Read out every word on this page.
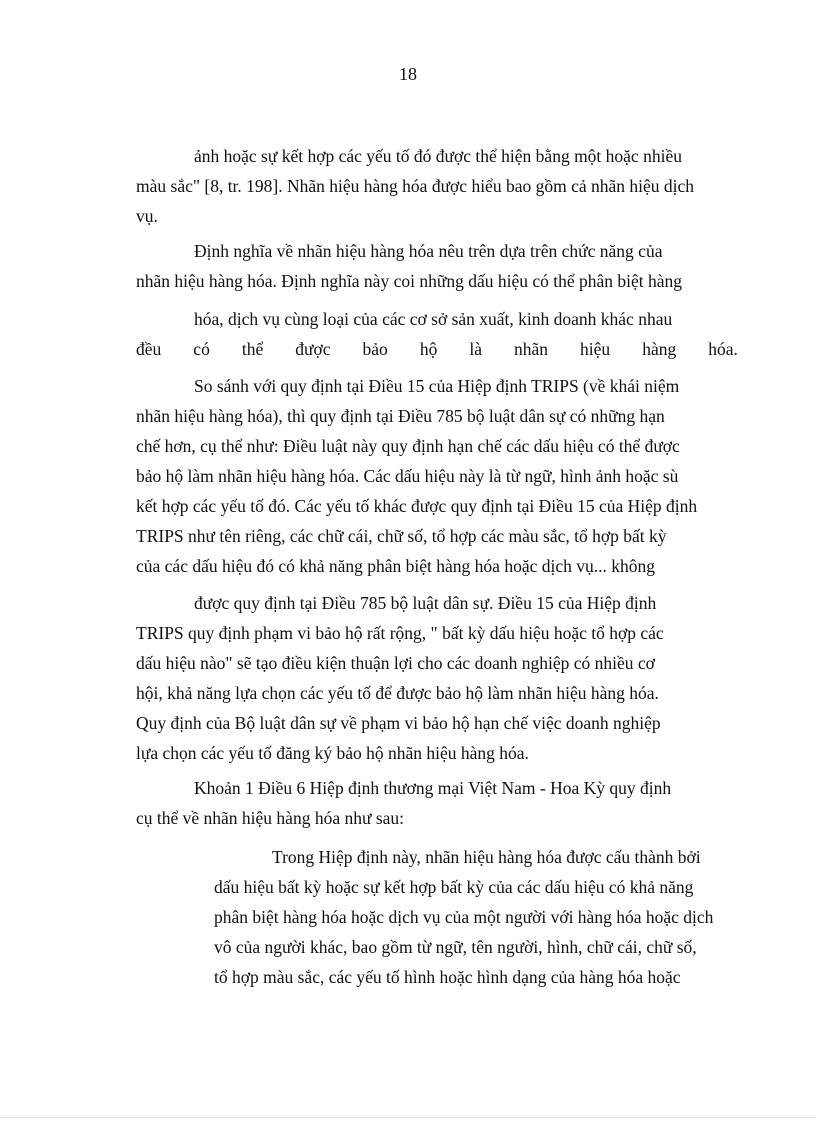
18
ảnh hoặc sự kết hợp các yếu tố đó được thể hiện bằng một hoặc nhiều
màu sắc" [8, tr. 198]. Nhãn hiệu hàng hóa được hiểu bao gồm cả nhãn hiệu dịch
vụ.
Định nghĩa về nhãn hiệu hàng hóa nêu trên dựa trên chức năng của
nhãn hiệu hàng hóa. Định nghĩa này coi những dấu hiệu có thể phân biệt hàng
hóa, dịch vụ cùng loại của các cơ sở sản xuất, kinh doanh khác nhau
đều có thể được bảo hộ là nhãn hiệu hàng hóa.
So sánh với quy định tại Điều 15 của Hiệp định TRIPS (về khái niệm
nhãn hiệu hàng hóa), thì quy định tại Điều 785 bộ luật dân sự có những hạn
chế hơn, cụ thể như: Điều luật này quy định hạn chế các dấu hiệu có thể được
bảo hộ làm nhãn hiệu hàng hóa. Các dấu hiệu này là từ ngữ, hình ảnh hoặc sù
kết hợp các yếu tố đó. Các yếu tố khác được quy định tại Điều 15 của Hiệp định
TRIPS như tên riêng, các chữ cái, chữ số, tổ hợp các màu sắc, tổ hợp bất kỳ
của các dấu hiệu đó có khả năng phân biệt hàng hóa hoặc dịch vụ... không
được quy định tại Điều 785 bộ luật dân sự. Điều 15 của Hiệp định
TRIPS quy định phạm vi bảo hộ rất rộng, " bất kỳ dấu hiệu hoặc tổ hợp các
dấu hiệu nào" sẽ tạo điều kiện thuận lợi cho các doanh nghiệp có nhiều cơ
hội, khả năng lựa chọn các yếu tố để được bảo hộ làm nhãn hiệu hàng hóa.
Quy định của Bộ luật dân sự về phạm vi bảo hộ hạn chế việc doanh nghiệp
lựa chọn các yếu tố đăng ký bảo hộ nhãn hiệu hàng hóa.
Khoản 1 Điều 6 Hiệp định thương mại Việt Nam - Hoa Kỳ quy định
cụ thể về nhãn hiệu hàng hóa như sau:
Trong Hiệp định này, nhãn hiệu hàng hóa được cấu thành bởi
dấu hiệu bất kỳ hoặc sự kết hợp bất kỳ của các dấu hiệu có khả năng
phân biệt hàng hóa hoặc dịch vụ của một người với hàng hóa hoặc dịch
vô của người khác, bao gồm từ ngữ, tên người, hình, chữ cái, chữ số,
tổ hợp màu sắc, các yếu tố hình hoặc hình dạng của hàng hóa hoặc
